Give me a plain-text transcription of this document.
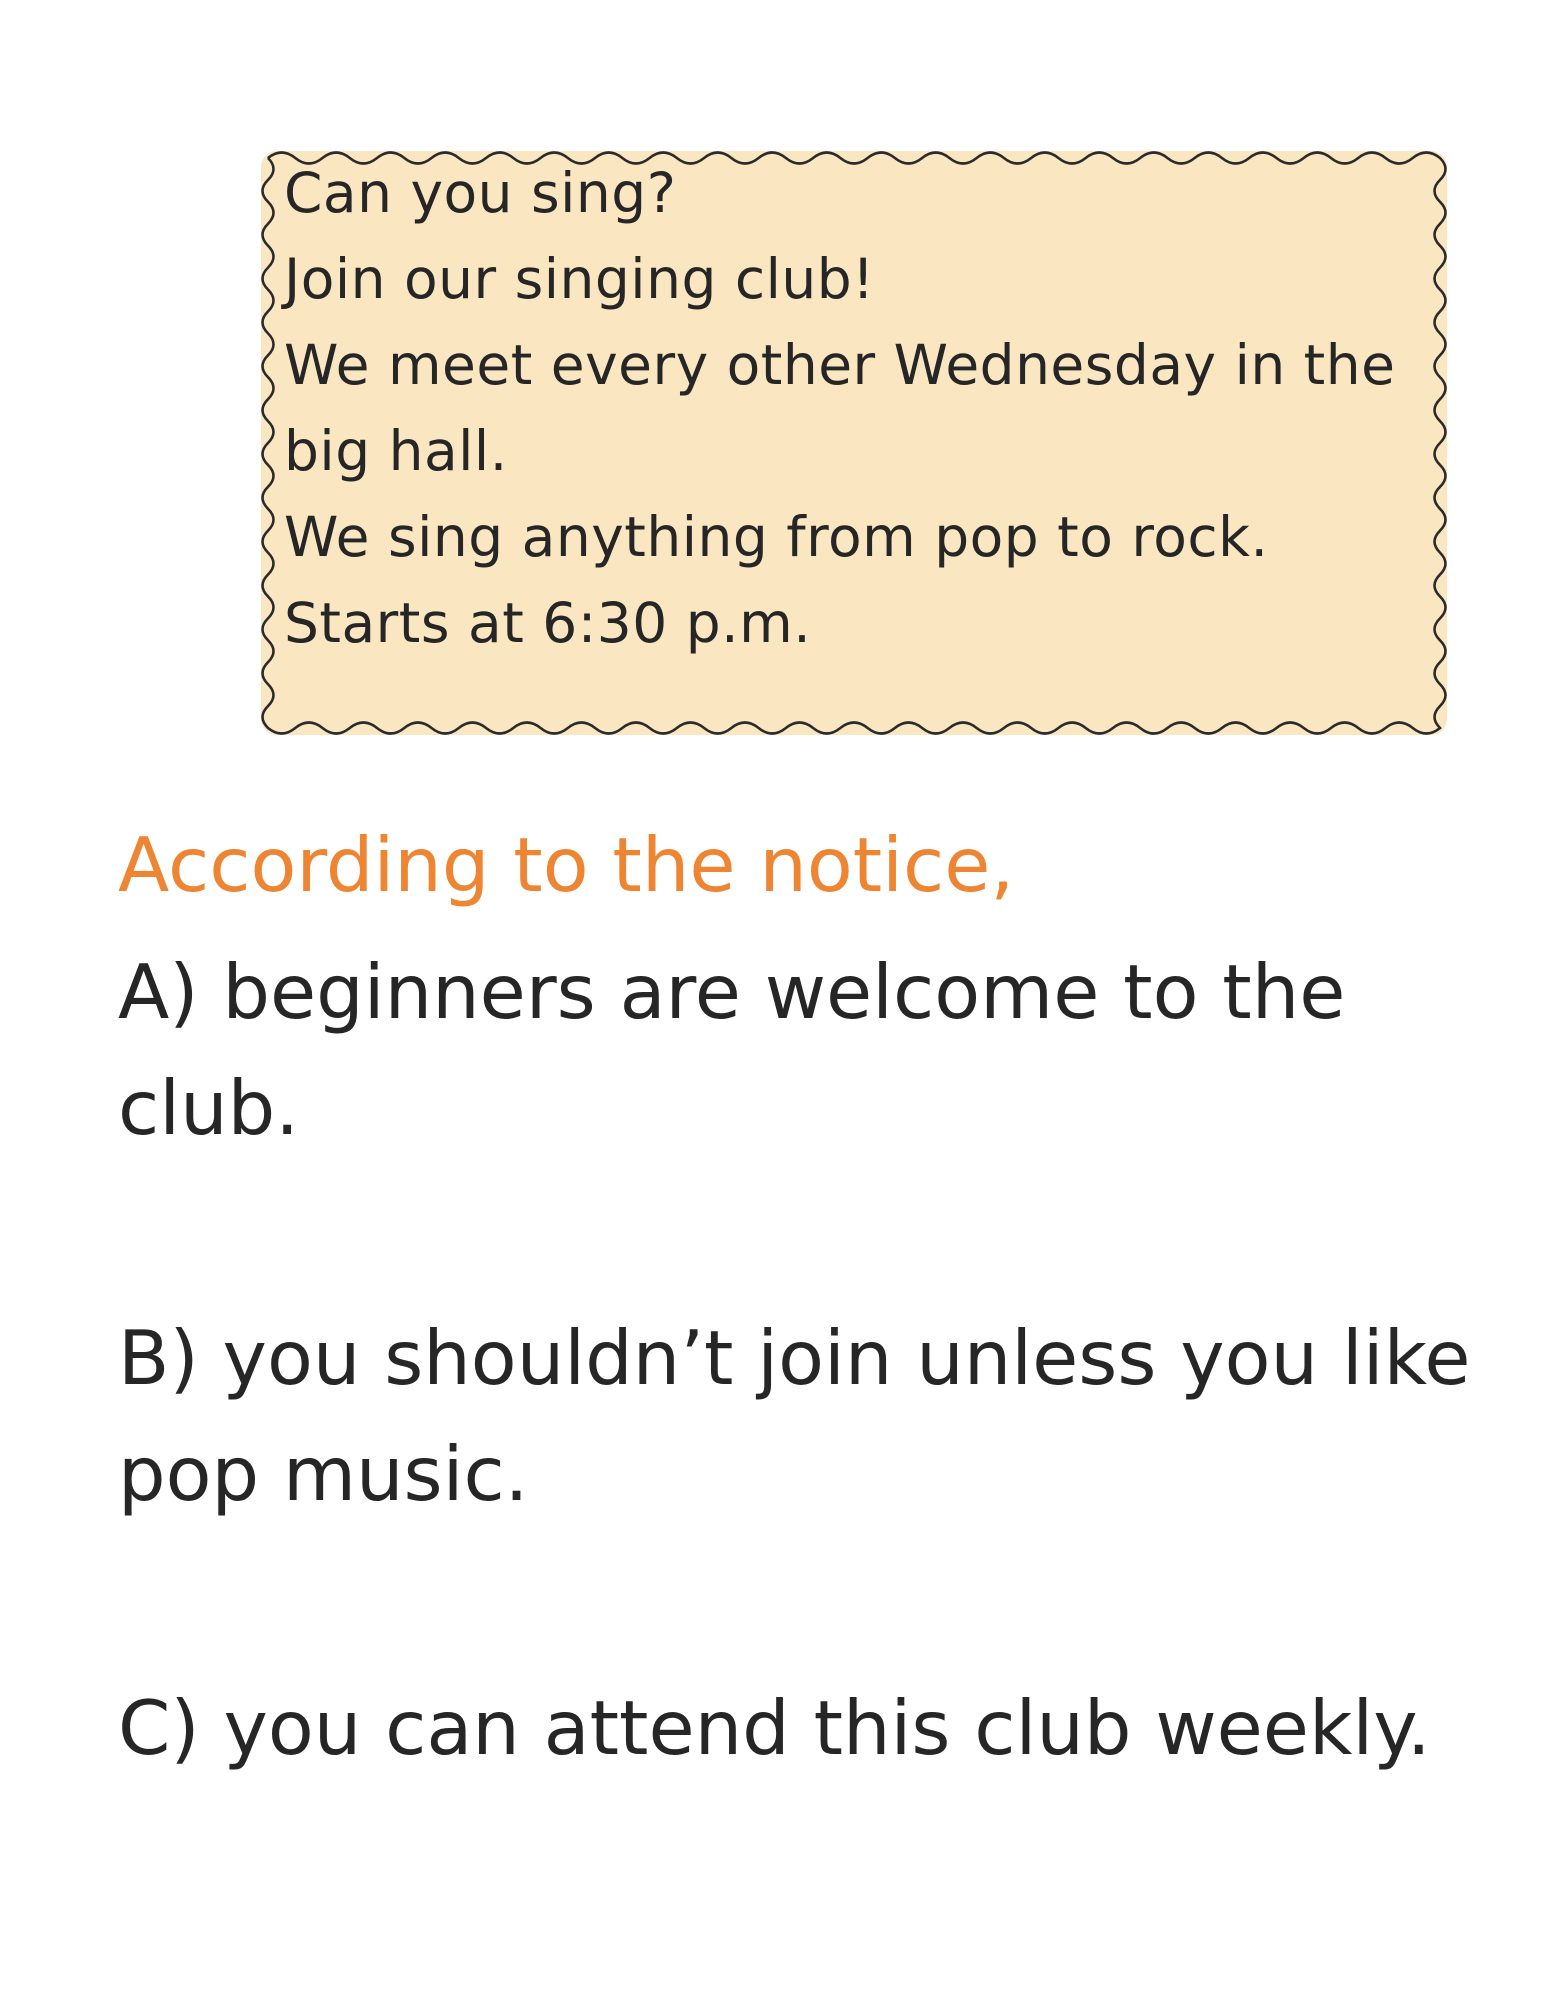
Can you sing?
Join our singing club!
We meet every other Wednesday in the
big hall.
We sing anything from pop to rock.
Starts at 6:30 p.m.
According to the notice,
A) beginners are welcome to the
club.
B) you shouldn’t join unless you like
pop music.
C) you can attend this club weekly.
